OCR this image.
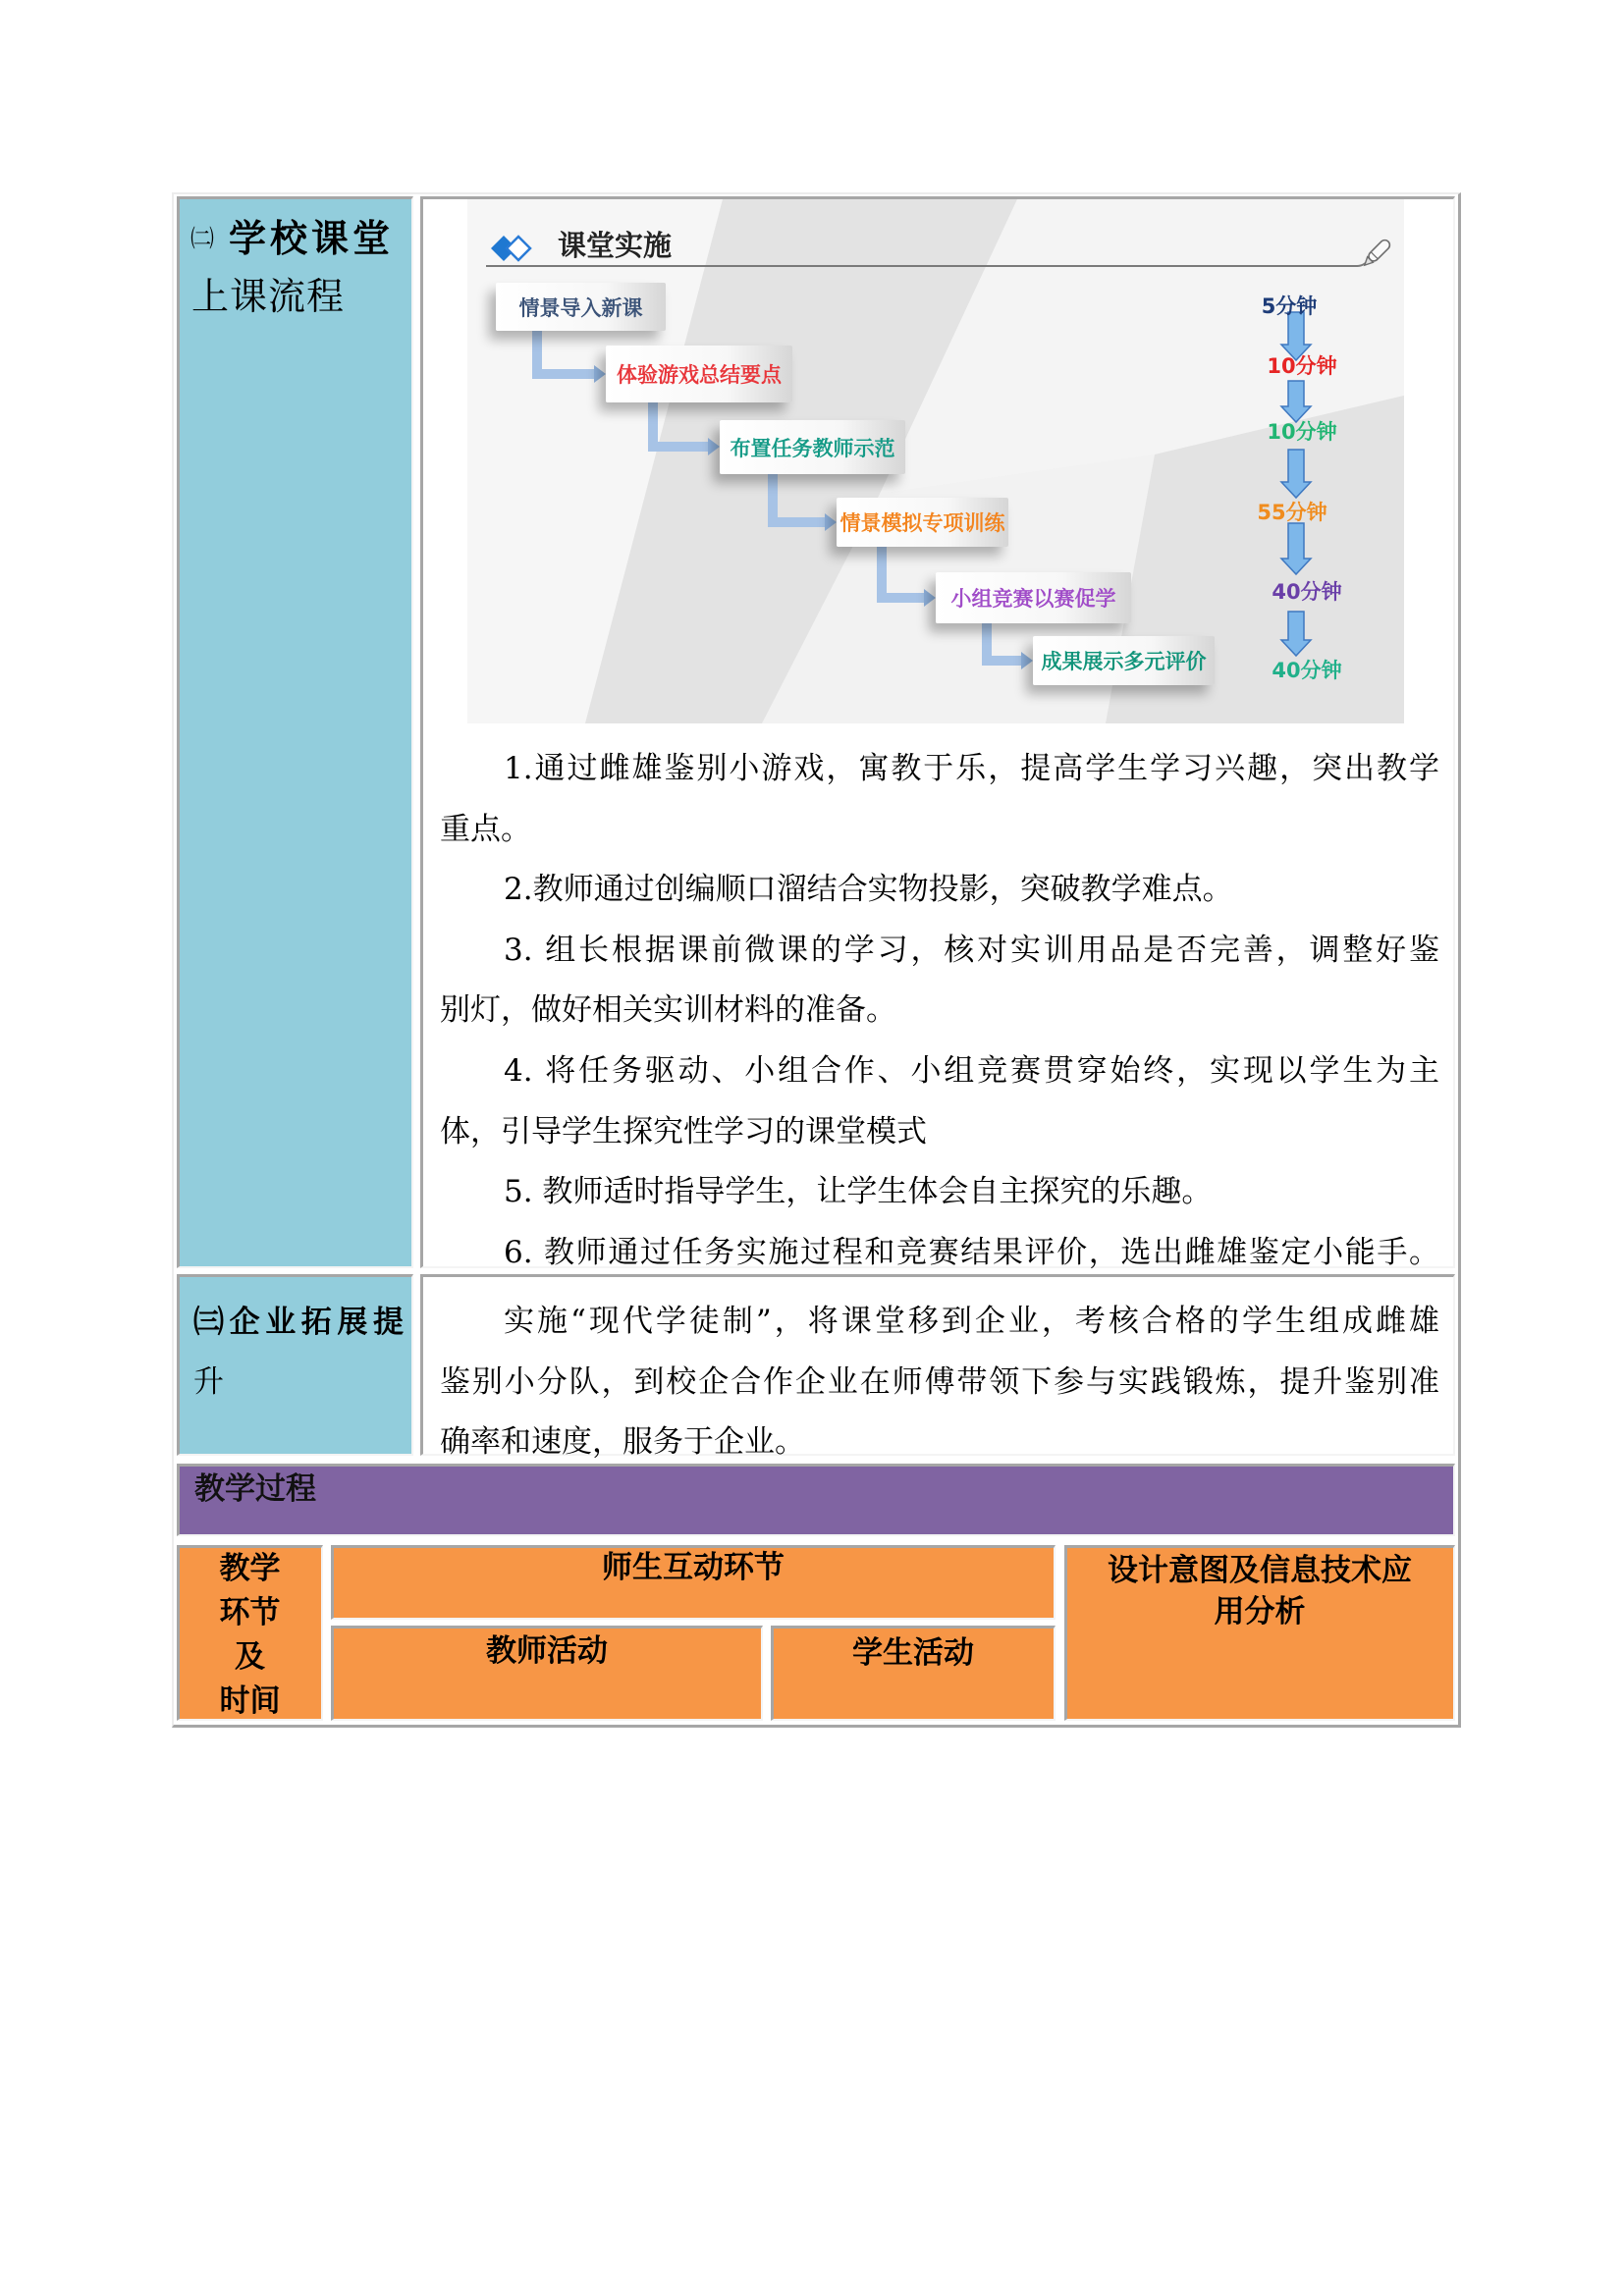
㈡ 学校课堂
上课流程
课堂实施
情景导入新课
体验游戏总结要点
布置任务教师示范
情景模拟专项训练
小组竞赛以赛促学
成果展示多元评价
5分钟
10分钟
10分钟
55分钟
40分钟
40分钟
1.通过雌雄鉴别小游戏，寓教于乐，提高学生学习兴趣，突出教学
重点。
2.教师通过创编顺口溜结合实物投影，突破教学难点。
3. 组长根据课前微课的学习，核对实训用品是否完善，调整好鉴
别灯，做好相关实训材料的准备。
4. 将任务驱动、小组合作、小组竞赛贯穿始终，实现以学生为主
体，引导学生探究性学习的课堂模式
5. 教师适时指导学生，让学生体会自主探究的乐趣。
6. 教师通过任务实施过程和竞赛结果评价，选出雌雄鉴定小能手。
㈢企业拓展提
升
实施“现代学徒制”，将课堂移到企业，考核合格的学生组成雌雄
鉴别小分队，到校企合作企业在师傅带领下参与实践锻炼，提升鉴别准
确率和速度，服务于企业。
教学过程
教学
环节
及
时间
师生互动环节
教师活动	学生活动
设计意图及信息技术应
用分析
